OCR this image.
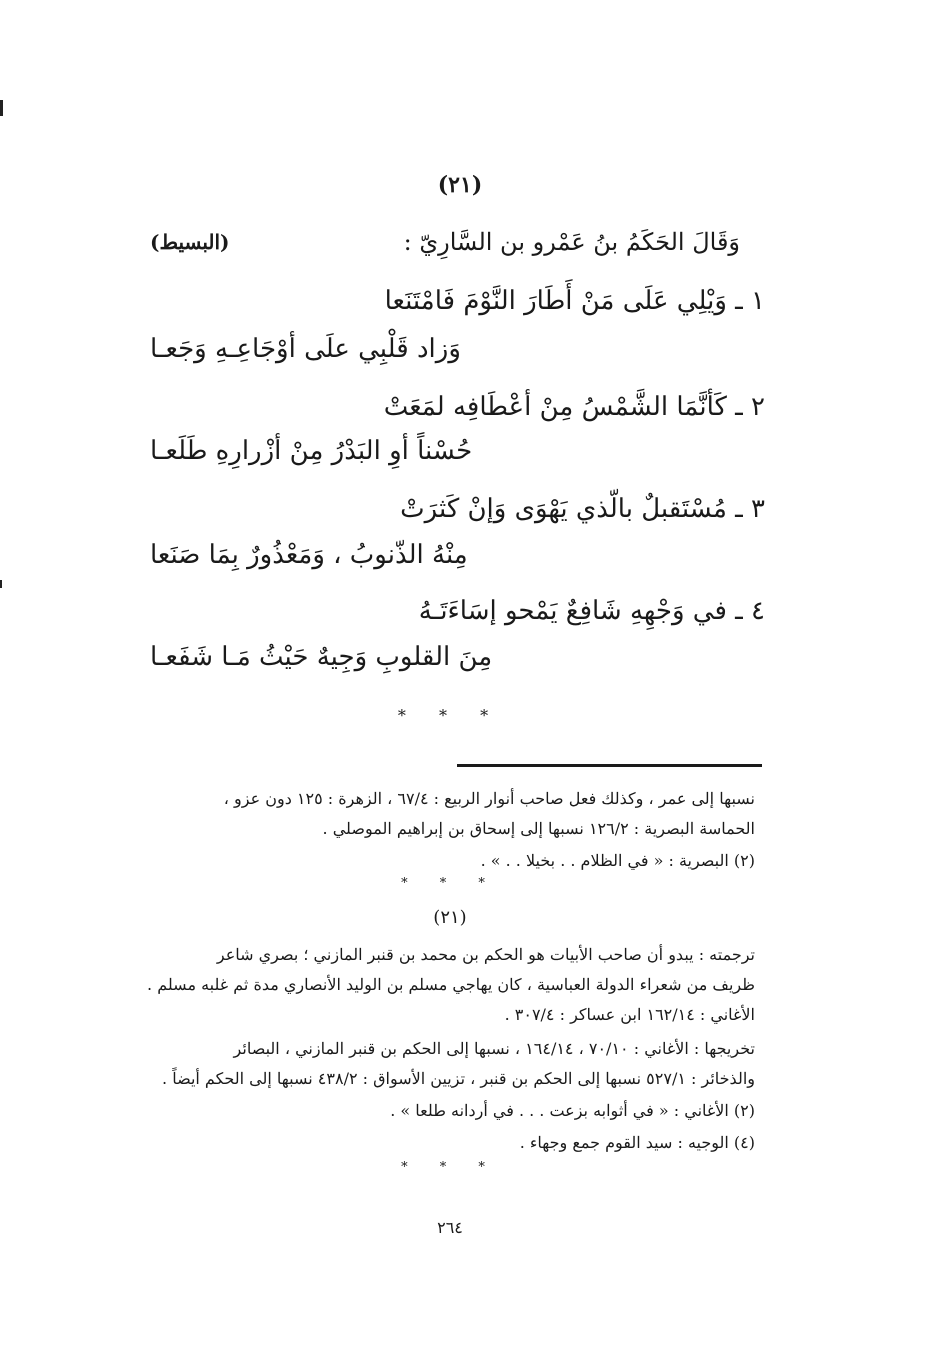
(٢١)
وَقَالَ الحَكَمُ بنُ عَمْرو بن السَّارِيّ :
(البسيط)
١ ـ وَيْلِي عَلَى مَنْ أَطَارَ النَّوْمَ فَامْتَنَعا
وَزاد قَلْبِي علَى أوْجَاعِـهِ وَجَعـا
٢ ـ كَأنَّمَا الشَّمْسُ مِنْ أعْطَافِه لمَعَتْ
حُسْناً أوِ البَدْرُ مِنْ أزْرارِهِ طَلَعـا
٣ ـ مُسْتَقبلٌ بالّذي يَهْوَى وَإنْ كَثرَتْ
مِنْهُ الذّنوبُ ، وَمَعْذُورٌ بِمَا صَنَعا
٤ ـ في وَجْهِهِ شَافِعٌ يَمْحو إسَاءَتَـهُ
مِنَ القلوبِ وَجِيهٌ حَيْثُ مَـا شَفَعـا
* * *
نسبها إلى عمر ، وكذلك فعل صاحب أنوار الربيع : ٦٧/٤ ، الزهرة : ١٢٥ دون عزو ،
الحماسة البصرية : ١٢٦/٢ نسبها إلى إسحاق بن إبراهيم الموصلي .
(٢) البصرية : « في الظلام . . بخيلا . . » .
* * *
(٢١)
ترجمته : يبدو أن صاحب الأبيات هو الحكم بن محمد بن قنبر المازني ؛ بصري شاعر
ظريف من شعراء الدولة العباسية ، كان يهاجي مسلم بن الوليد الأنصاري مدة ثم غلبه مسلم .
الأغاني : ١٦٢/١٤ ابن عساكر : ٣٠٧/٤ .
تخريجها : الأغاني : ٧٠/١٠ ، ١٦٤/١٤ ، نسبها إلى الحكم بن قنبر المازني ، البصائر
والذخائر : ٥٢٧/١ نسبها إلى الحكم بن قنبر ، تزيين الأسواق : ٤٣٨/٢ نسبها إلى الحكم أيضاً .
(٢) الأغاني : « في أثوابه بزعت . . . في أردانه طلعا » .
(٤) الوجيه : سيد القوم جمع وجهاء .
* * *
٢٦٤
